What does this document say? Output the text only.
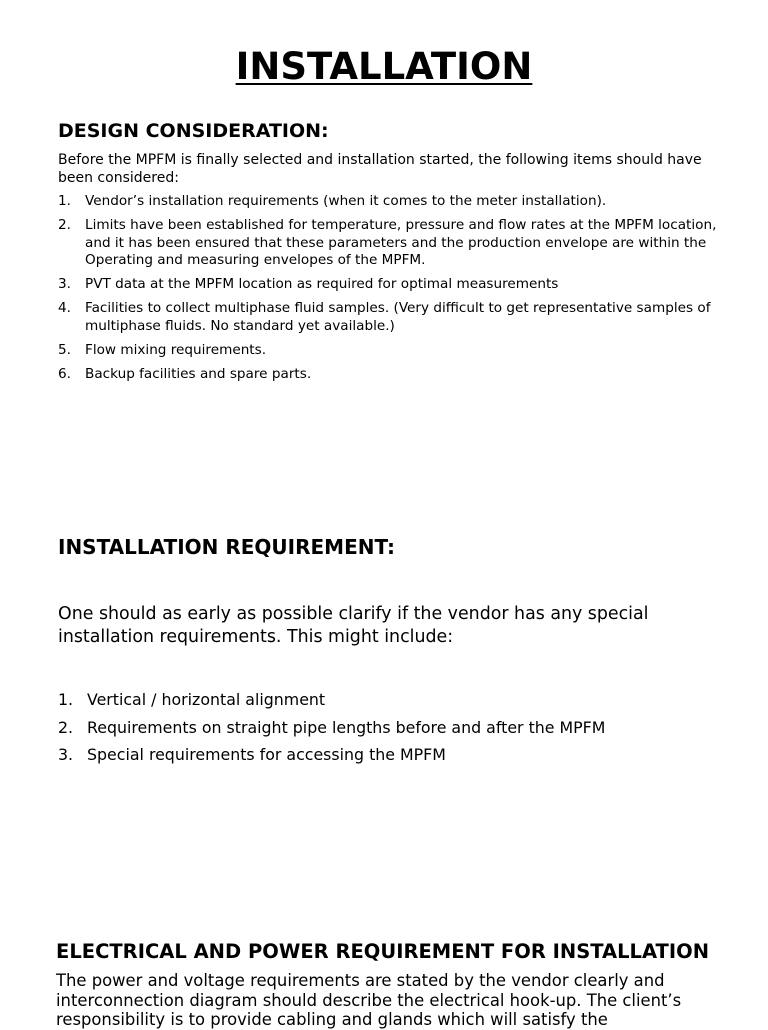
INSTALLATION
DESIGN CONSIDERATION:

Before the MPFM is finally selected and installation started, the following items should have been considered:

1. Vendor’s installation requirements (when it comes to the meter installation).
2. Limits have been established for temperature, pressure and flow rates at the MPFM location, and it has been ensured that these parameters and the production envelope are within the Operating and measuring envelopes of the MPFM.
3. PVT data at the MPFM location as required for optimal measurements
4. Facilities to collect multiphase fluid samples. (Very difficult to get representative samples of multiphase fluids. No standard yet available.)
5. Flow mixing requirements.
6. Backup facilities and spare parts.
INSTALLATION REQUIREMENT:

One should as early as possible clarify if the vendor has any special installation requirements. This might include:

1. Vertical / horizontal alignment
2. Requirements on straight pipe lengths before and after the MPFM
3. Special requirements for accessing the MPFM
ELECTRICAL AND POWER REQUIREMENT FOR INSTALLATION

The power and voltage requirements are stated by the vendor clearly and interconnection diagram should describe the electrical hook-up. The client’s responsibility is to provide cabling and glands which will satisfy the
